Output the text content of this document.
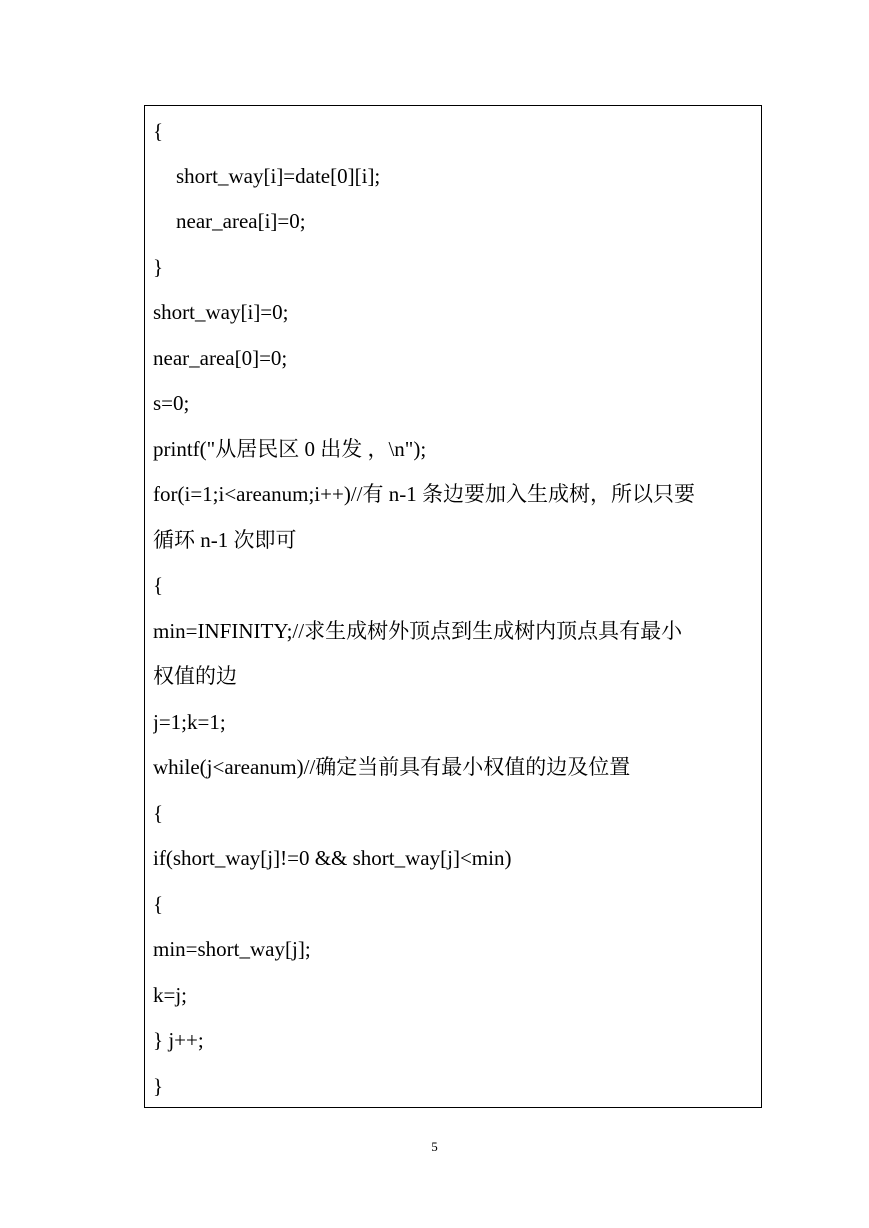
{
short_way[i]=date[0][i];
near_area[i]=0;
}
short_way[i]=0;
near_area[0]=0;
s=0;
printf("从居民区 0 出发 ，\n");
for(i=1;i<areanum;i++)//有 n-1 条边要加入生成树，所以只要
循环 n-1 次即可
{
min=INFINITY;//求生成树外顶点到生成树内顶点具有最小
权值的边
j=1;k=1;
while(j<areanum)//确定当前具有最小权值的边及位置
{
if(short_way[j]!=0 && short_way[j]<min)
{
min=short_way[j];
k=j;
} j++;
}
5
